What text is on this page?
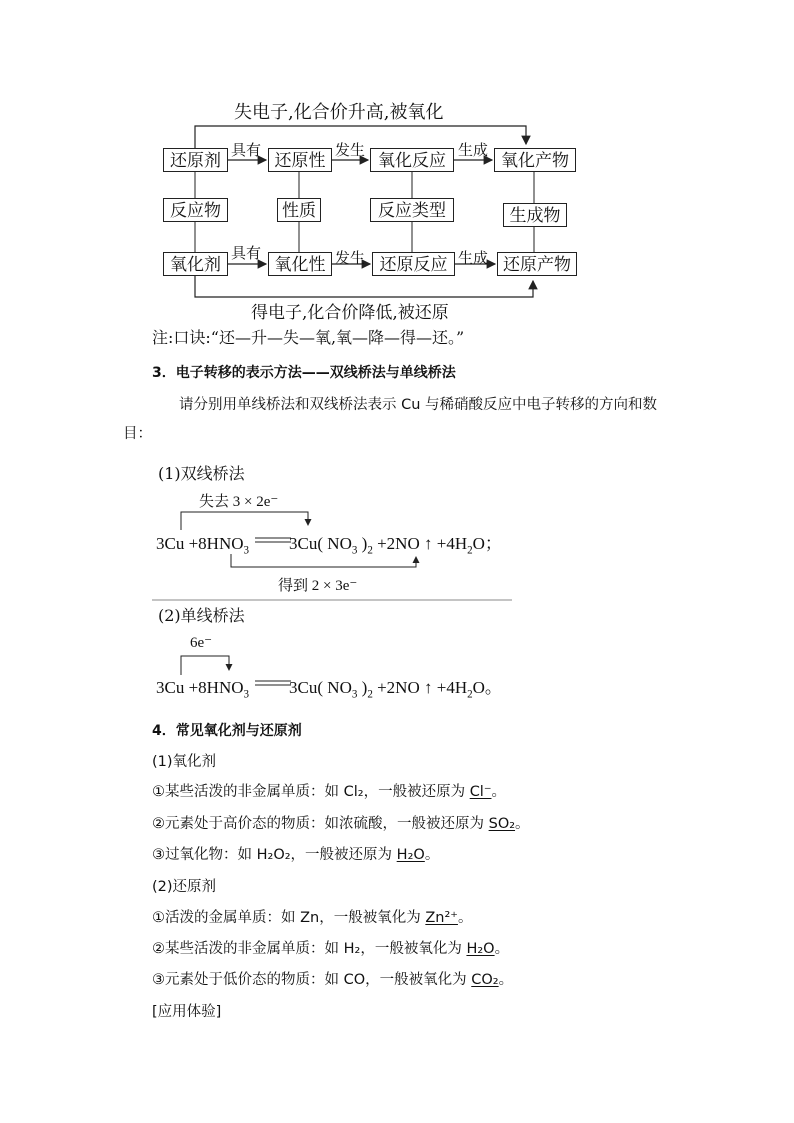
失电子,化合价升高,被氧化
还原剂	还原性	氧化反应	氧化产物
反应物	性质	反应类型	生成物
氧化剂	氧化性	还原反应	还原产物
具有	发生	生成
具有	发生	生成
得电子,化合价降低,被还原
注:口诀:“还—升—失—氧,氧—降—得—还。”
3．电子转移的表示方法——双线桥法与单线桥法
请分别用单线桥法和双线桥法表示 Cu 与稀硝酸反应中电子转移的方向和数
目：
(1)双线桥法
失去 3 × 2e⁻
$3Cu +8HNO_3$ 3Cu( $NO_3$ )$_2 +2NO$ ↑ $+4H_2O$；
得到 2 × 3e⁻
(2)单线桥法
6e⁻
$3Cu +8HNO_3$ 3Cu( $NO_3$ )$_2 +2NO$ ↑ $+4H_2O$。
4．常见氧化剂与还原剂
(1)氧化剂
①某些活泼的非金属单质：如 Cl₂，一般被还原为 Cl⁻。
②元素处于高价态的物质：如浓硫酸，一般被还原为 SO₂。
③过氧化物：如 H₂O₂，一般被还原为 H₂O。
(2)还原剂
①活泼的金属单质：如 Zn，一般被氧化为 Zn²⁺。
②某些活泼的非金属单质：如 H₂，一般被氧化为 H₂O。
③元素处于低价态的物质：如 CO，一般被氧化为 CO₂。
[应用体验]
